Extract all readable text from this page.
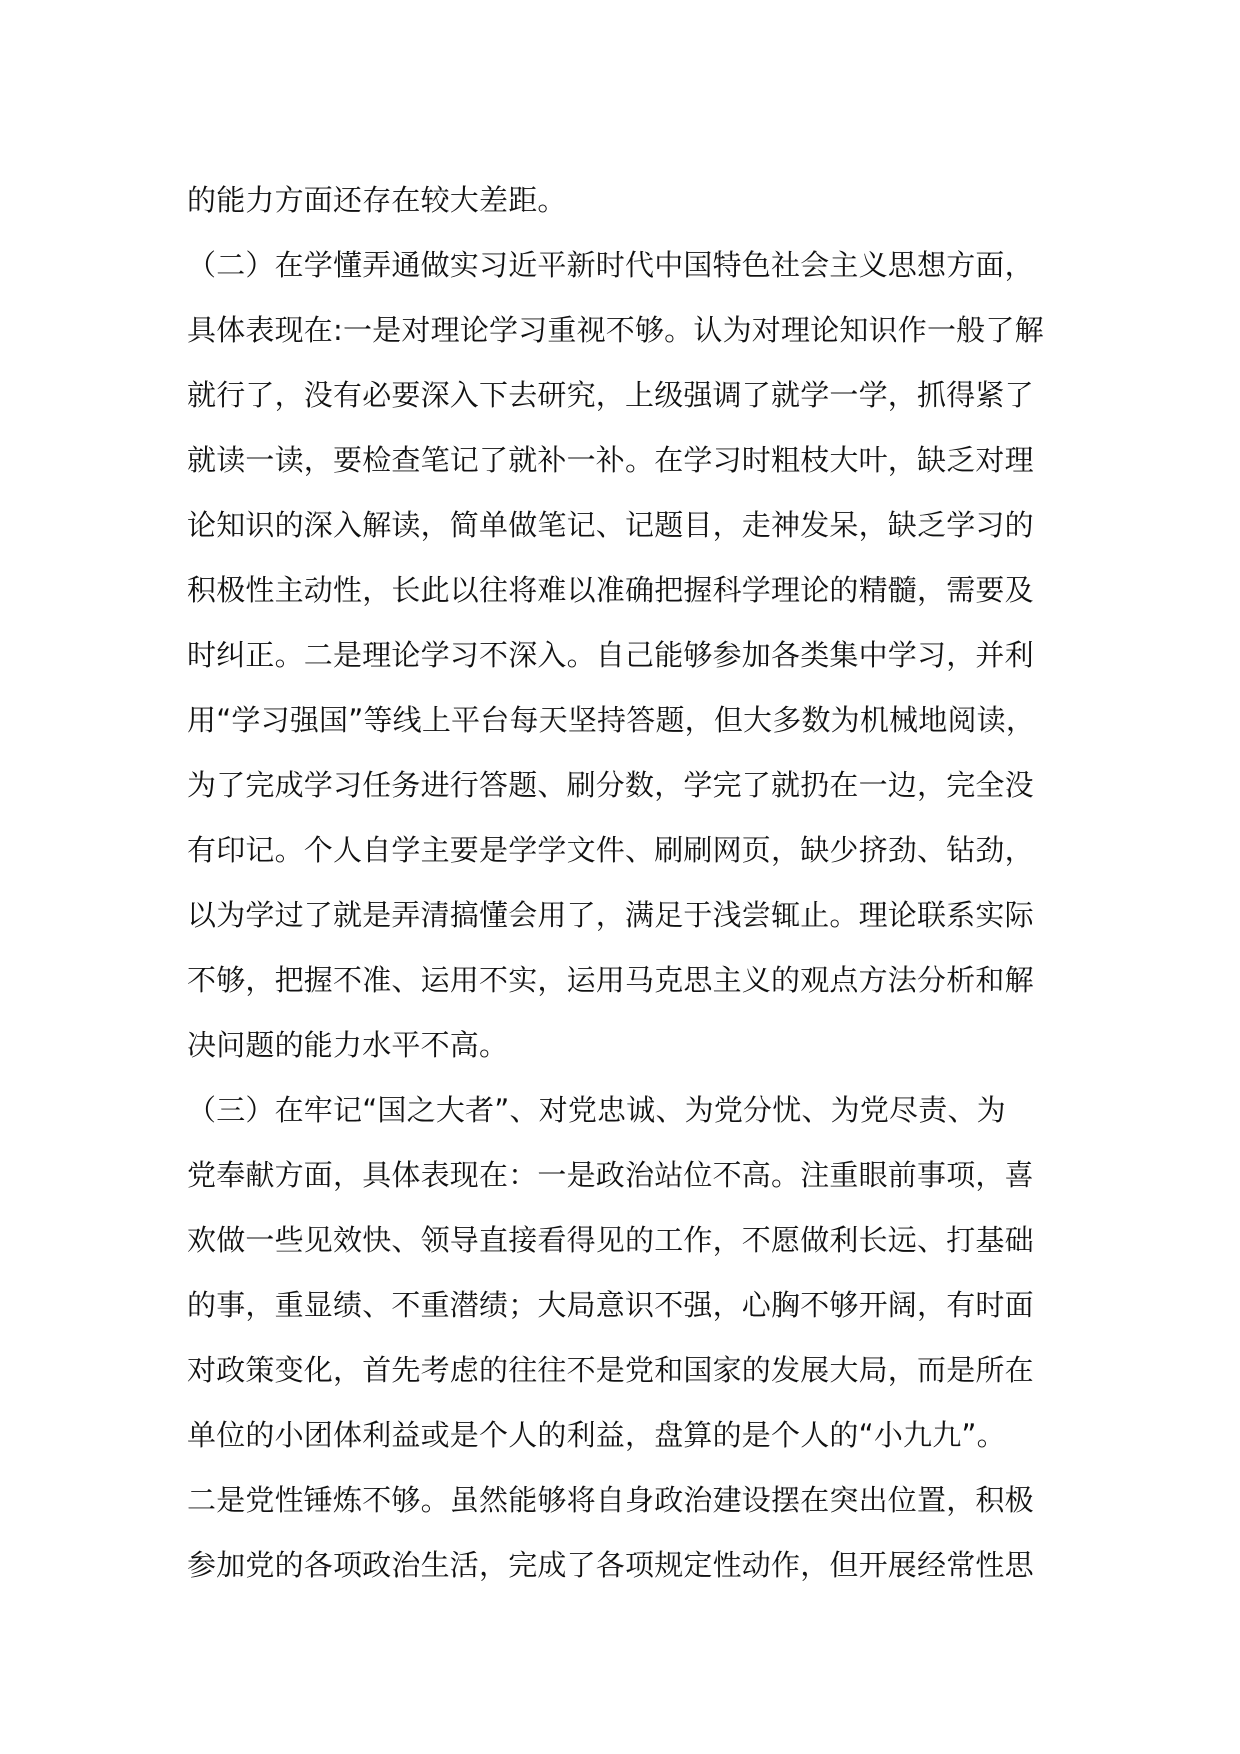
的能力方面还存在较大差距。
（二）在学懂弄通做实习近平新时代中国特色社会主义思想方面，
具体表现在:一是对理论学习重视不够。认为对理论知识作一般了解
就行了，没有必要深入下去研究，上级强调了就学一学，抓得紧了
就读一读，要检查笔记了就补一补。在学习时粗枝大叶，缺乏对理
论知识的深入解读，简单做笔记、记题目，走神发呆，缺乏学习的
积极性主动性，长此以往将难以准确把握科学理论的精髓，需要及
时纠正。二是理论学习不深入。自己能够参加各类集中学习，并利
用“学习强国”等线上平台每天坚持答题，但大多数为机械地阅读，
为了完成学习任务进行答题、刷分数，学完了就扔在一边，完全没
有印记。个人自学主要是学学文件、刷刷网页，缺少挤劲、钻劲，
以为学过了就是弄清搞懂会用了，满足于浅尝辄止。理论联系实际
不够，把握不准、运用不实，运用马克思主义的观点方法分析和解
决问题的能力水平不高。
（三）在牢记“国之大者”、对党忠诚、为党分忧、为党尽责、为
党奉献方面，具体表现在：一是政治站位不高。注重眼前事项，喜
欢做一些见效快、领导直接看得见的工作，不愿做利长远、打基础
的事，重显绩、不重潜绩；大局意识不强，心胸不够开阔，有时面
对政策变化，首先考虑的往往不是党和国家的发展大局，而是所在
单位的小团体利益或是个人的利益，盘算的是个人的“小九九”。
二是党性锤炼不够。虽然能够将自身政治建设摆在突出位置，积极
参加党的各项政治生活，完成了各项规定性动作，但开展经常性思
